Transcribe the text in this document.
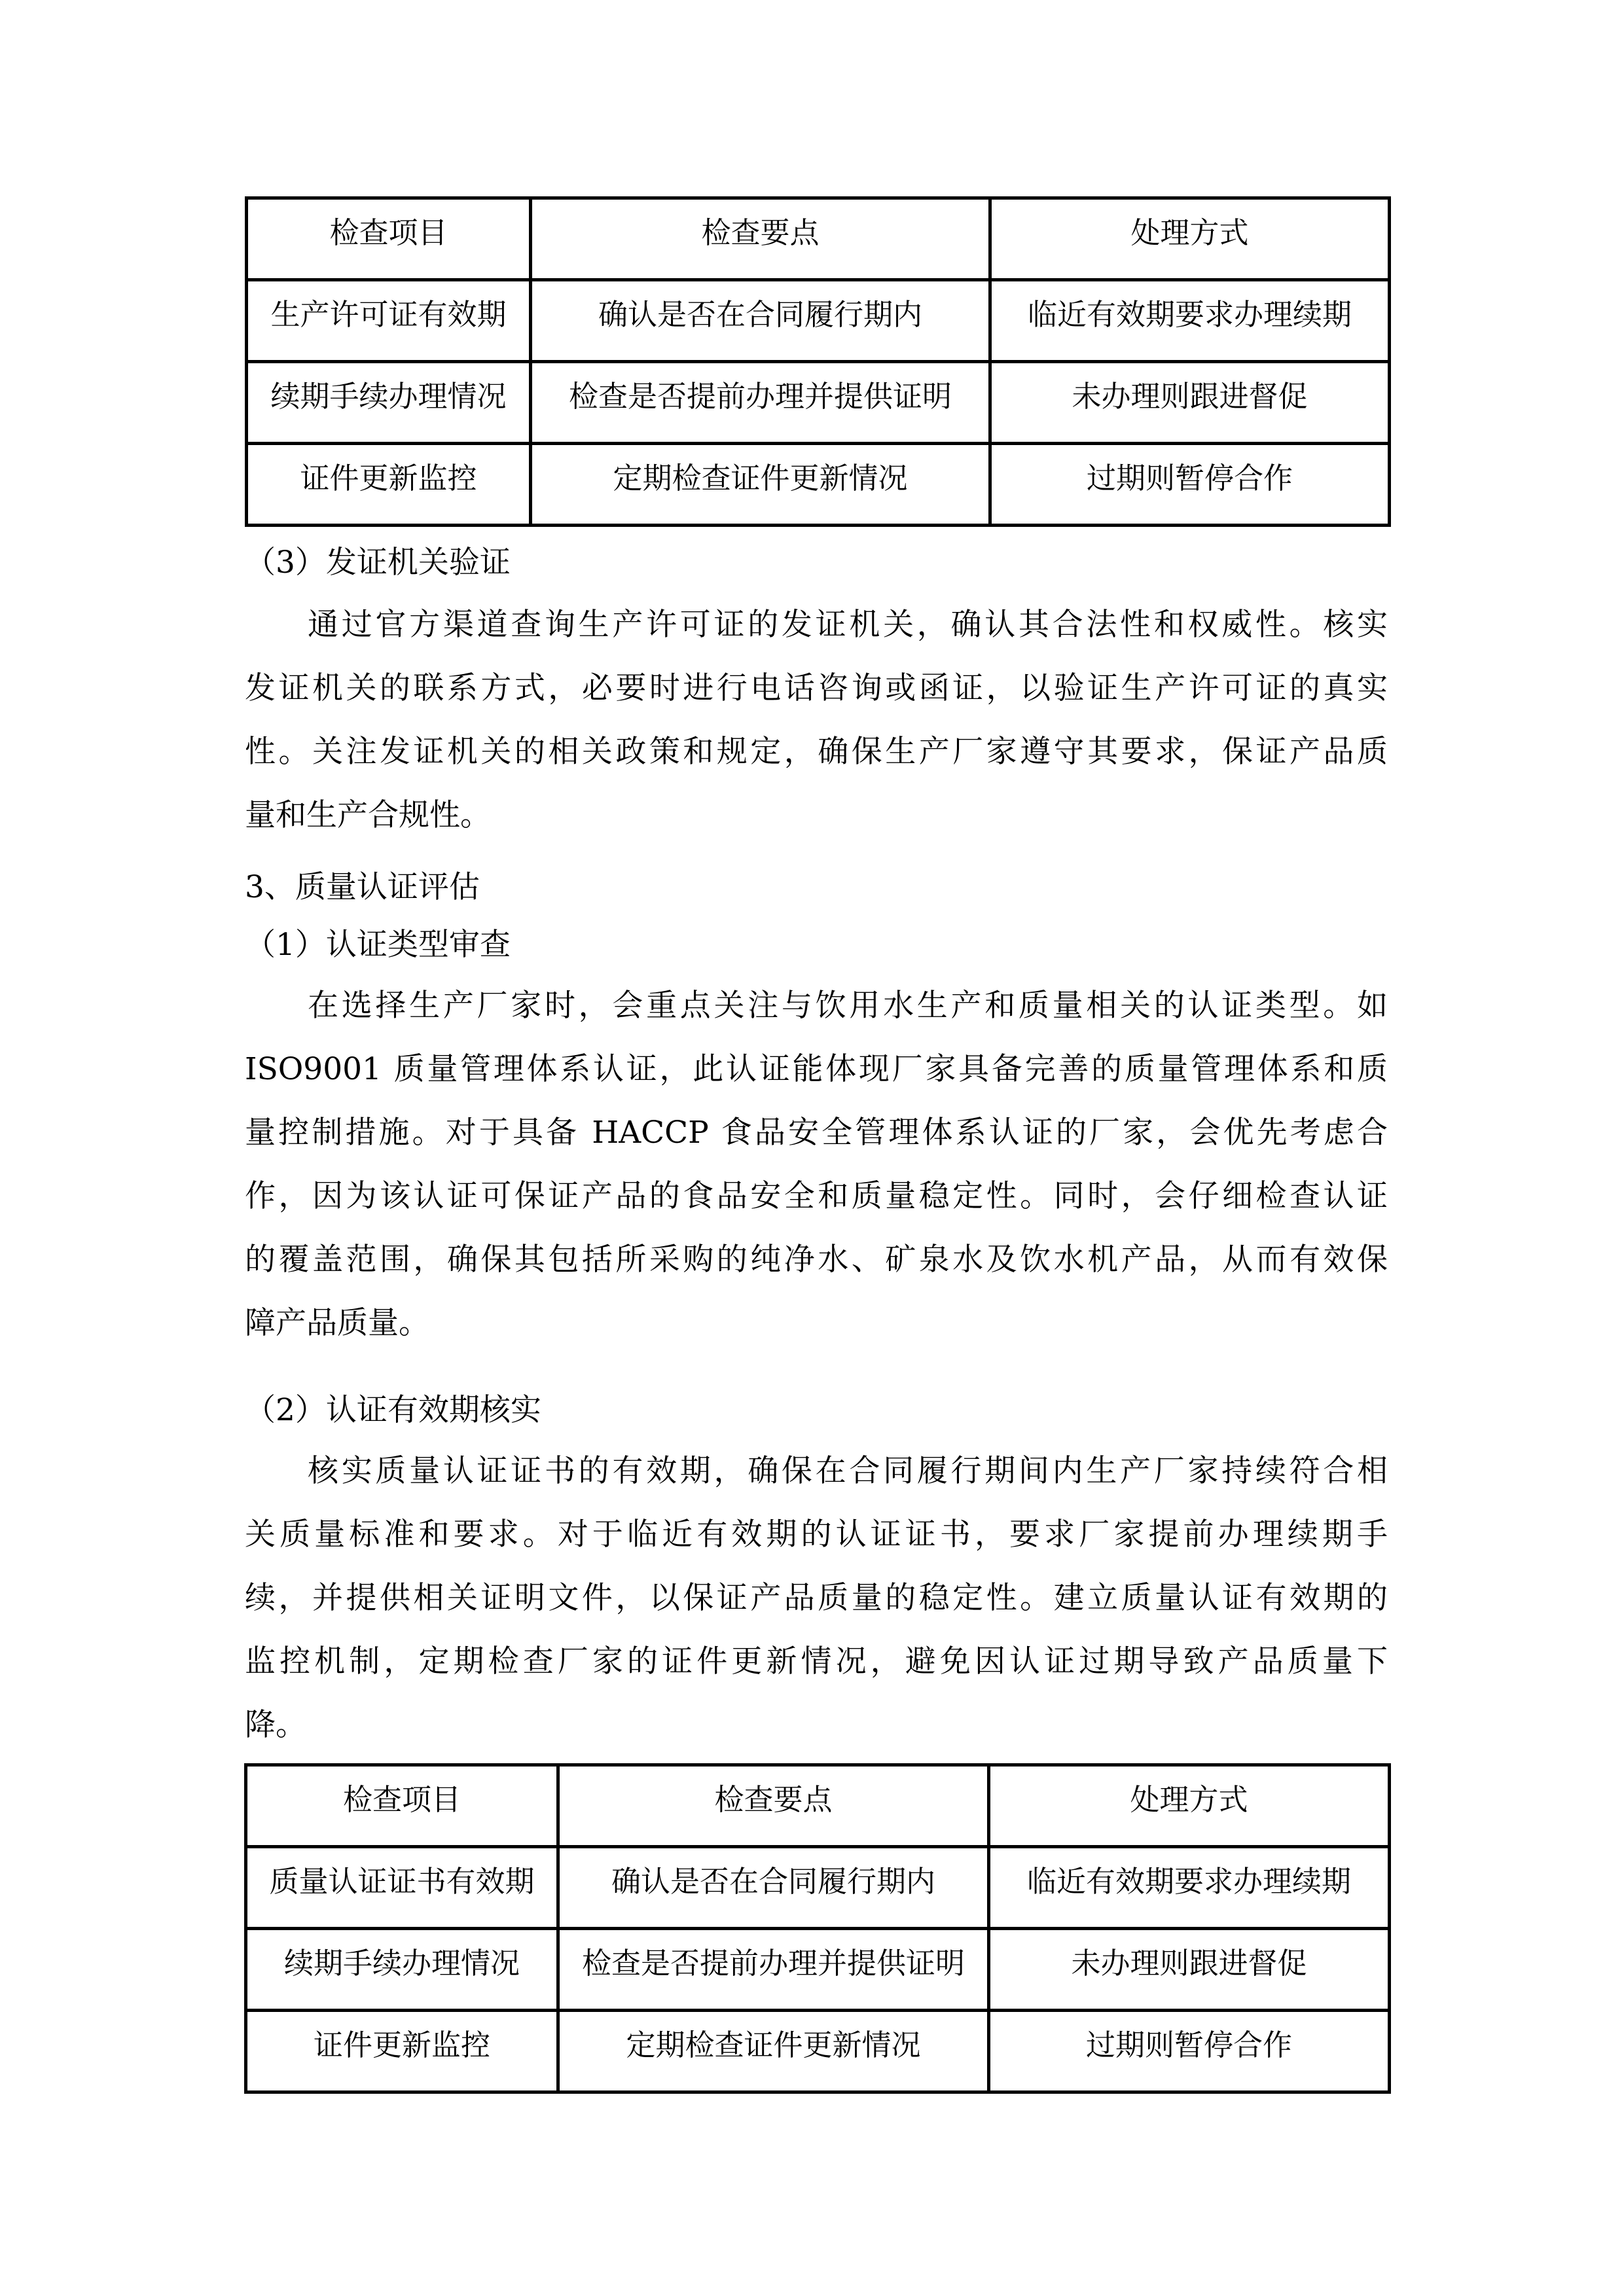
检查项目	检查要点	处理方式
生产许可证有效期	确认是否在合同履行期内	临近有效期要求办理续期
续期手续办理情况	检查是否提前办理并提供证明	未办理则跟进督促
证件更新监控	定期检查证件更新情况	过期则暂停合作
（3）发证机关验证
通过官方渠道查询生产许可证的发证机关，确认其合法性和权威性。核实
发证机关的联系方式，必要时进行电话咨询或函证，以验证生产许可证的真实
性。关注发证机关的相关政策和规定，确保生产厂家遵守其要求，保证产品质
量和生产合规性。
3、质量认证评估
（1）认证类型审查
在选择生产厂家时，会重点关注与饮用水生产和质量相关的认证类型。如
ISO9001 质量管理体系认证，此认证能体现厂家具备完善的质量管理体系和质
量控制措施。对于具备 HACCP 食品安全管理体系认证的厂家，会优先考虑合
作，因为该认证可保证产品的食品安全和质量稳定性。同时，会仔细检查认证
的覆盖范围，确保其包括所采购的纯净水、矿泉水及饮水机产品，从而有效保
障产品质量。
（2）认证有效期核实
核实质量认证证书的有效期，确保在合同履行期间内生产厂家持续符合相
关质量标准和要求。对于临近有效期的认证证书，要求厂家提前办理续期手
续，并提供相关证明文件，以保证产品质量的稳定性。建立质量认证有效期的
监控机制，定期检查厂家的证件更新情况，避免因认证过期导致产品质量下
降。
检查项目	检查要点	处理方式
质量认证证书有效期	确认是否在合同履行期内	临近有效期要求办理续期
续期手续办理情况	检查是否提前办理并提供证明	未办理则跟进督促
证件更新监控	定期检查证件更新情况	过期则暂停合作
